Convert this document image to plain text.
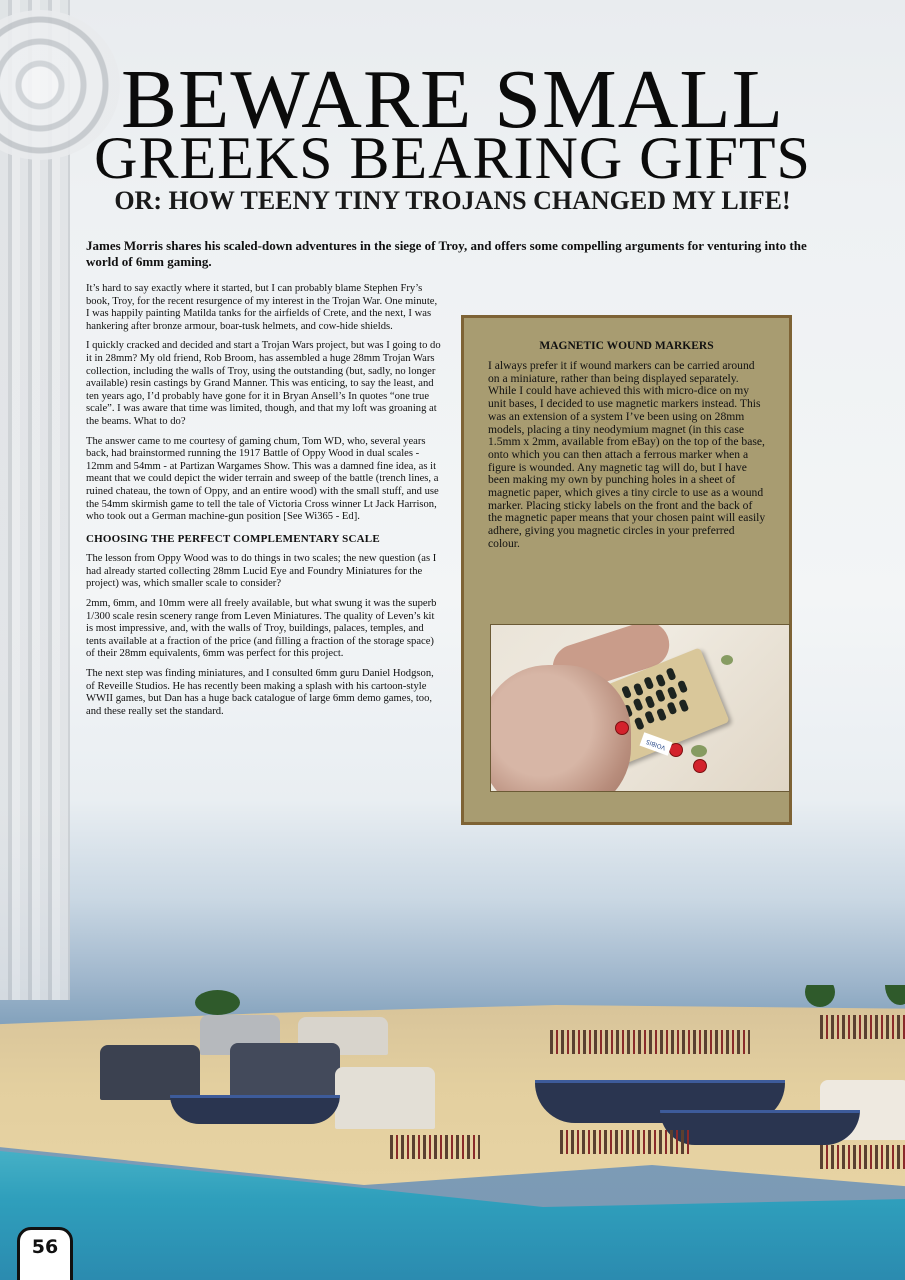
BEWARE SMALL
GREEKS BEARING GIFTS
OR: HOW TEENY TINY TROJANS CHANGED MY LIFE!

James Morris shares his scaled-down adventures in the siege of Troy, and offers some compelling arguments for venturing into the world of 6mm gaming.

It’s hard to say exactly where it started, but I can probably blame Stephen Fry’s book, Troy, for the recent resurgence of my interest in the Trojan War. One minute, I was happily painting Matilda tanks for the airfields of Crete, and the next, I was hankering after bronze armour, boar-tusk helmets, and cow-hide shields.

I quickly cracked and decided and start a Trojan Wars project, but was I going to do it in 28mm? My old friend, Rob Broom, has assembled a huge 28mm Trojan Wars collection, including the walls of Troy, using the outstanding (but, sadly, no longer available) resin castings by Grand Manner. This was enticing, to say the least, and ten years ago, I’d probably have gone for it in Bryan Ansell’s In quotes “one true scale”. I was aware that time was limited, though, and that my loft was groaning at the beams. What to do?

The answer came to me courtesy of gaming chum, Tom WD, who, several years back, had brainstormed running the 1917 Battle of Oppy Wood in dual scales - 12mm and 54mm - at Partizan Wargames Show. This was a damned fine idea, as it meant that we could depict the wider terrain and sweep of the battle (trench lines, a ruined chateau, the town of Oppy, and an entire wood) with the small stuff, and use the 54mm skirmish game to tell the tale of Victoria Cross winner Lt Jack Harrison, who took out a German machine-gun position [See Wi365 - Ed].

CHOOSING THE PERFECT COMPLEMENTARY SCALE

The lesson from Oppy Wood was to do things in two scales; the new question (as I had already started collecting 28mm Lucid Eye and Foundry Miniatures for the project) was, which smaller scale to consider?

2mm, 6mm, and 10mm were all freely available, but what swung it was the superb 1/300 scale resin scenery range from Leven Miniatures. The quality of Leven’s kit is most impressive, and, with the walls of Troy, buildings, palaces, temples, and tents available at a fraction of the price (and filling a fraction of the storage space) of their 28mm equivalents, 6mm was perfect for this project.

The next step was finding miniatures, and I consulted 6mm guru Daniel Hodgson, of Reveille Studios. He has recently been making a splash with his cartoon-style WWII games, but Dan has a huge back catalogue of large 6mm demo games, too, and these really set the standard.

MAGNETIC WOUND MARKERS

I always prefer it if wound markers can be carried around on a miniature, rather than being displayed separately. While I could have achieved this with micro-dice on my unit bases, I decided to use magnetic markers instead. This was an extension of a system I’ve been using on 28mm models, placing a tiny neodymium magnet (in this case 1.5mm x 2mm, available from eBay) on the top of the base, onto which you can then attach a ferrous marker when a figure is wounded. Any magnetic tag will do, but I have been making my own by punching holes in a sheet of magnetic paper, which gives a tiny circle to use as a wound marker. Placing sticky labels on the front and the back of the magnetic paper means that your chosen paint will easily adhere, giving you magnetic circles in your preferred colour.

VOIBIS
56
